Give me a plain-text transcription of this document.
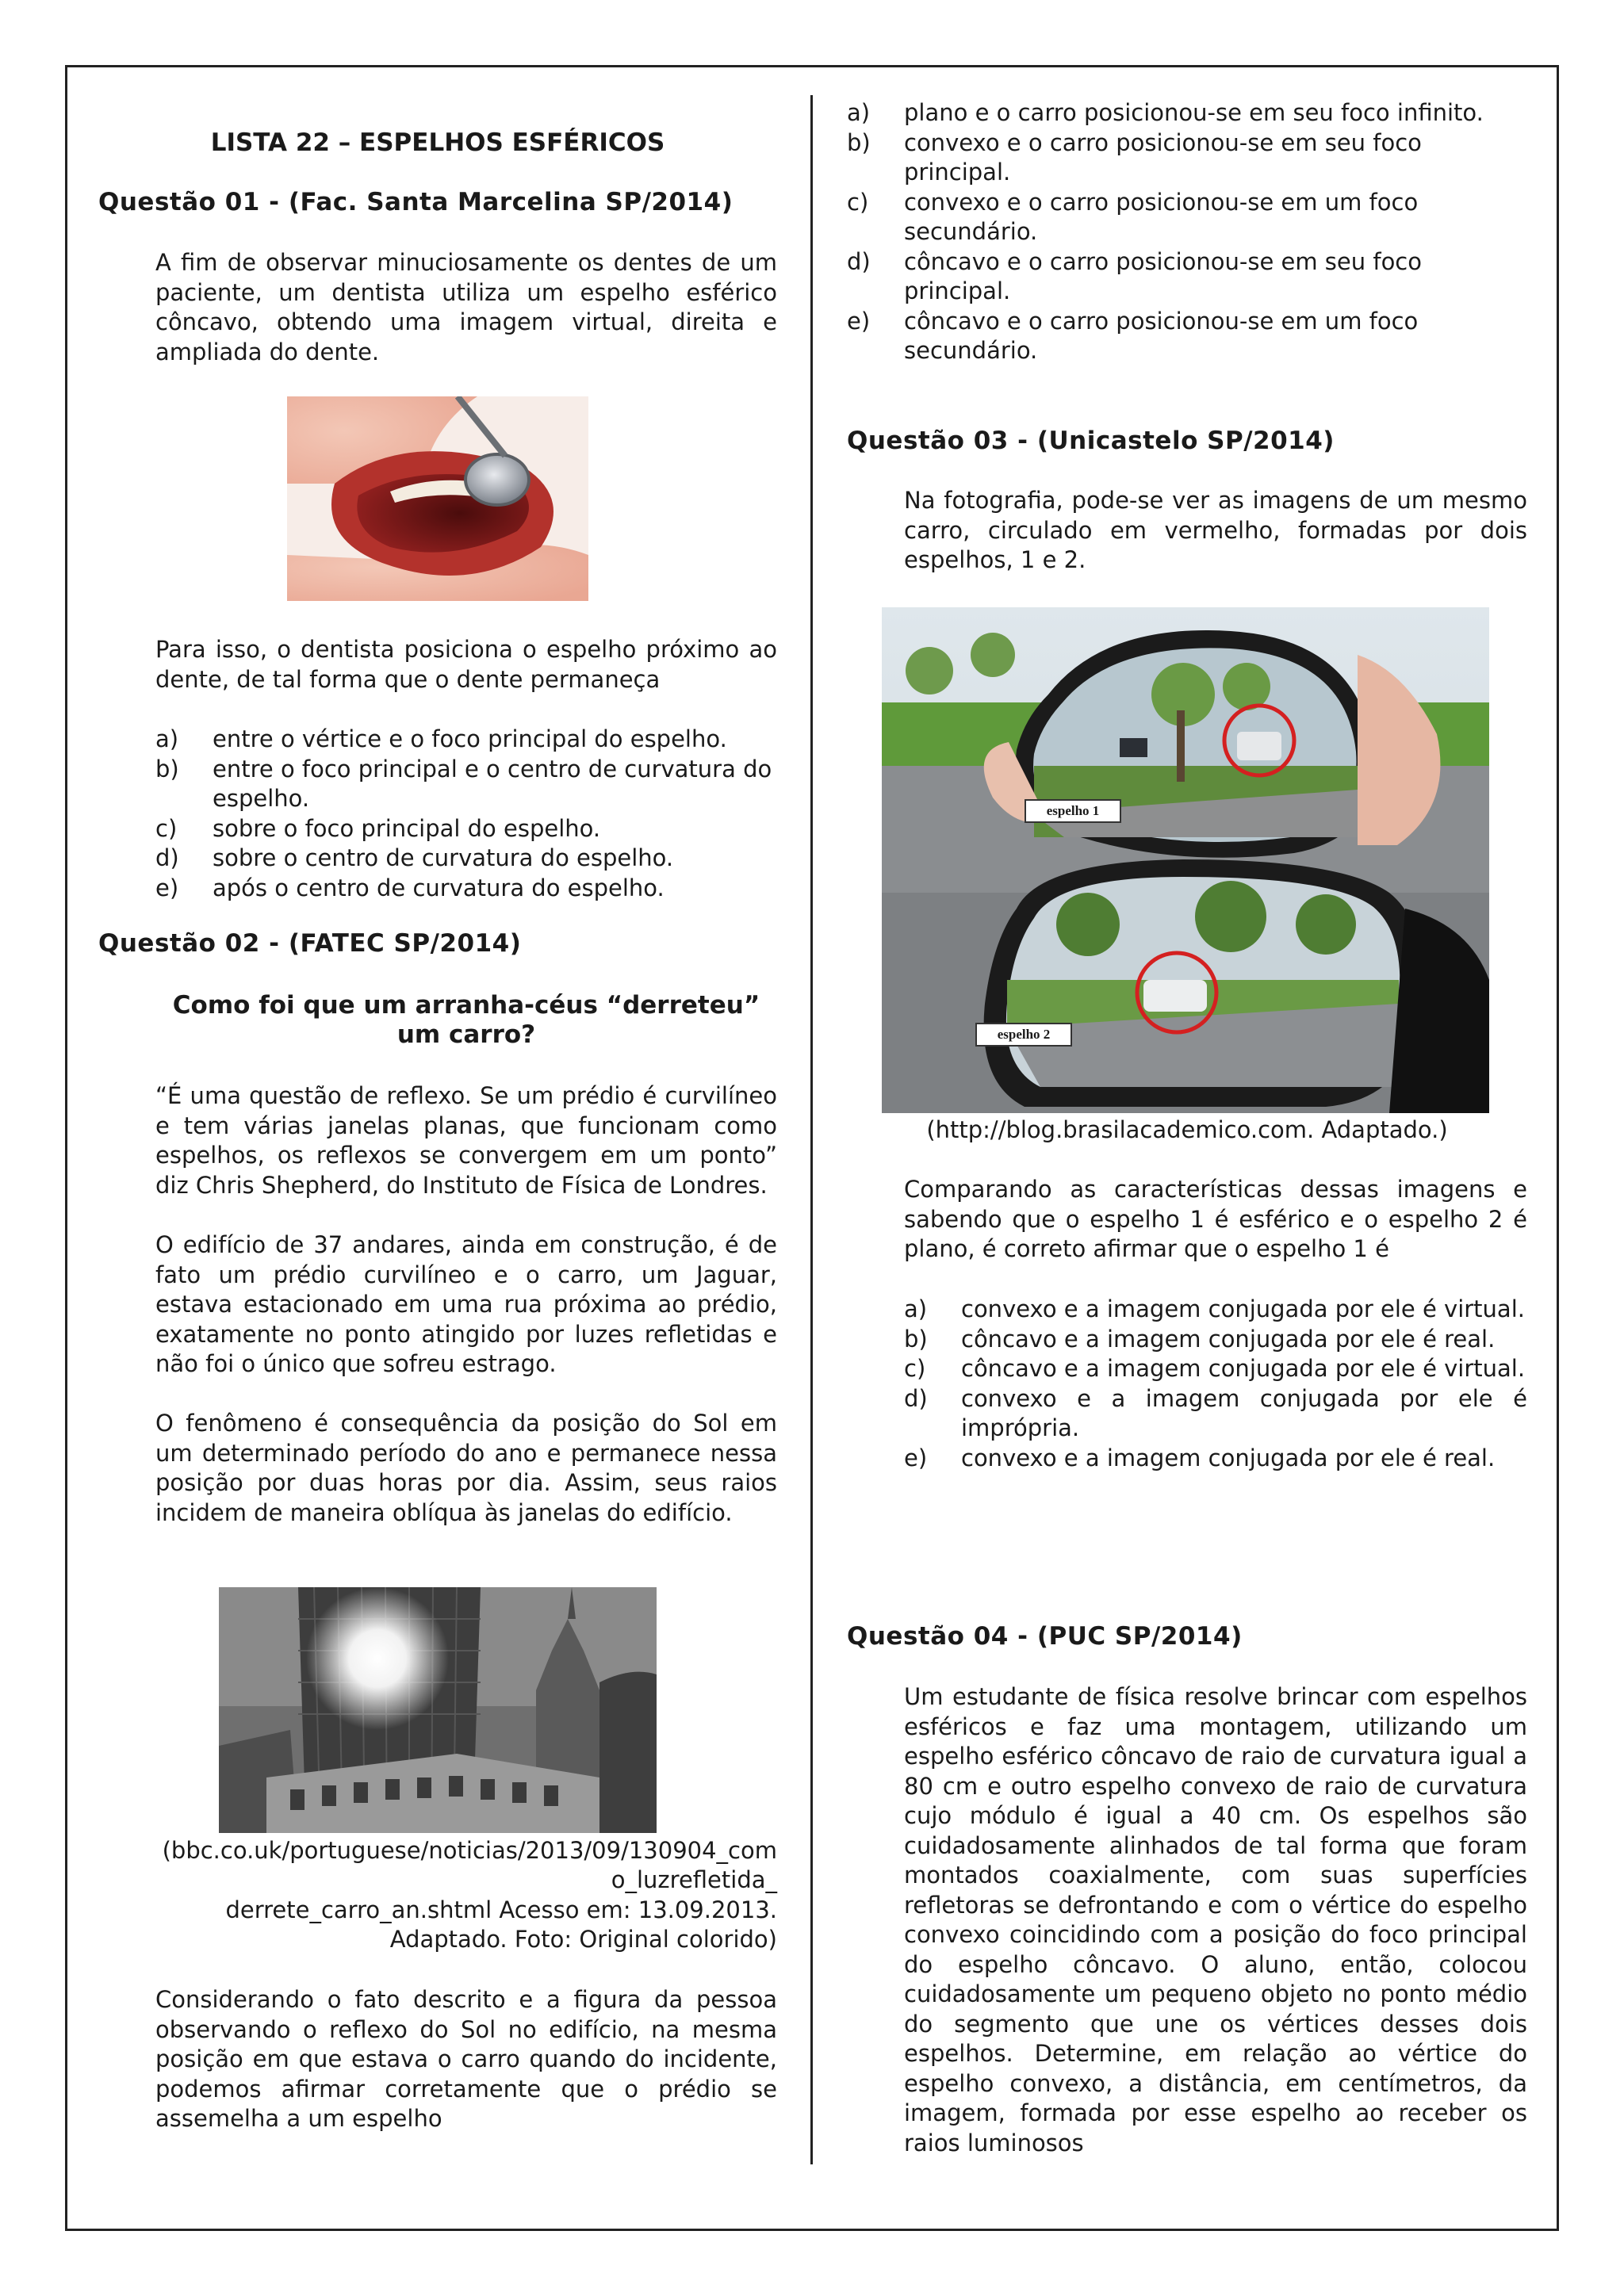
LISTA 22 – ESPELHOS ESFÉRICOS
Questão 01 - (Fac. Santa Marcelina SP/2014)

A fim de observar minuciosamente os dentes de um paciente, um dentista utiliza um espelho esférico côncavo, obtendo uma imagem virtual, direita e ampliada do dente.

Para isso, o dentista posiciona o espelho próximo ao dente, de tal forma que o dente permaneça

a) entre o vértice e o foco principal do espelho.
b) entre o foco principal e o centro de curvatura do espelho.
c) sobre o foco principal do espelho.
d) sobre o centro de curvatura do espelho.
e) após o centro de curvatura do espelho.
Questão 02 - (FATEC SP/2014)
Como foi que um arranha-céus “derreteu”
um carro?

“É uma questão de reflexo. Se um prédio é curvilíneo e tem várias janelas planas, que funcionam como espelhos, os reflexos se convergem em um ponto” diz Chris Shepherd, do Instituto de Física de Londres.

O edifício de 37 andares, ainda em construção, é de fato um prédio curvilíneo e o carro, um Jaguar, estava estacionado em uma rua próxima ao prédio, exatamente no ponto atingido por luzes refletidas e não foi o único que sofreu estrago.

O fenômeno é consequência da posição do Sol em um determinado período do ano e permanece nessa posição por duas horas por dia. Assim, seus raios incidem de maneira oblíqua às janelas do edifício.

(bbc.co.uk/portuguese/noticias/2013/09/130904_com
o_luzrefletida_
derrete_carro_an.shtml Acesso em: 13.09.2013.
Adaptado. Foto: Original colorido)

Considerando o fato descrito e a figura da pessoa observando o reflexo do Sol no edifício, na mesma posição em que estava o carro quando do incidente, podemos afirmar corretamente que o prédio se assemelha a um espelho

a) plano e o carro posicionou-se em seu foco infinito.
b) convexo e o carro posicionou-se em seu foco principal.
c) convexo e o carro posicionou-se em um foco secundário.
d) côncavo e o carro posicionou-se em seu foco principal.
e) côncavo e o carro posicionou-se em um foco secundário.
Questão 03 - (Unicastelo SP/2014)

Na fotografia, pode-se ver as imagens de um mesmo carro, circulado em vermelho, formadas por dois espelhos, 1 e 2.

espelho 1
espelho 2
(http://blog.brasilacademico.com. Adaptado.)

Comparando as características dessas imagens e sabendo que o espelho 1 é esférico e o espelho 2 é plano, é correto afirmar que o espelho 1 é

a) convexo e a imagem conjugada por ele é virtual.
b) côncavo e a imagem conjugada por ele é real.
c) côncavo e a imagem conjugada por ele é virtual.
d) convexo e a imagem conjugada por ele é imprópria.
e) convexo e a imagem conjugada por ele é real.
Questão 04 - (PUC SP/2014)

Um estudante de física resolve brincar com espelhos esféricos e faz uma montagem, utilizando um espelho esférico côncavo de raio de curvatura igual a 80 cm e outro espelho convexo de raio de curvatura cujo módulo é igual a 40 cm. Os espelhos são cuidadosamente alinhados de tal forma que foram montados coaxialmente, com suas superfícies refletoras se defrontando e com o vértice do espelho convexo coincidindo com a posição do foco principal do espelho côncavo. O aluno, então, colocou cuidadosamente um pequeno objeto no ponto médio do segmento que une os vértices desses dois espelhos. Determine, em relação ao vértice do espelho convexo, a distância, em centímetros, da imagem, formada por esse espelho ao receber os raios luminosos
